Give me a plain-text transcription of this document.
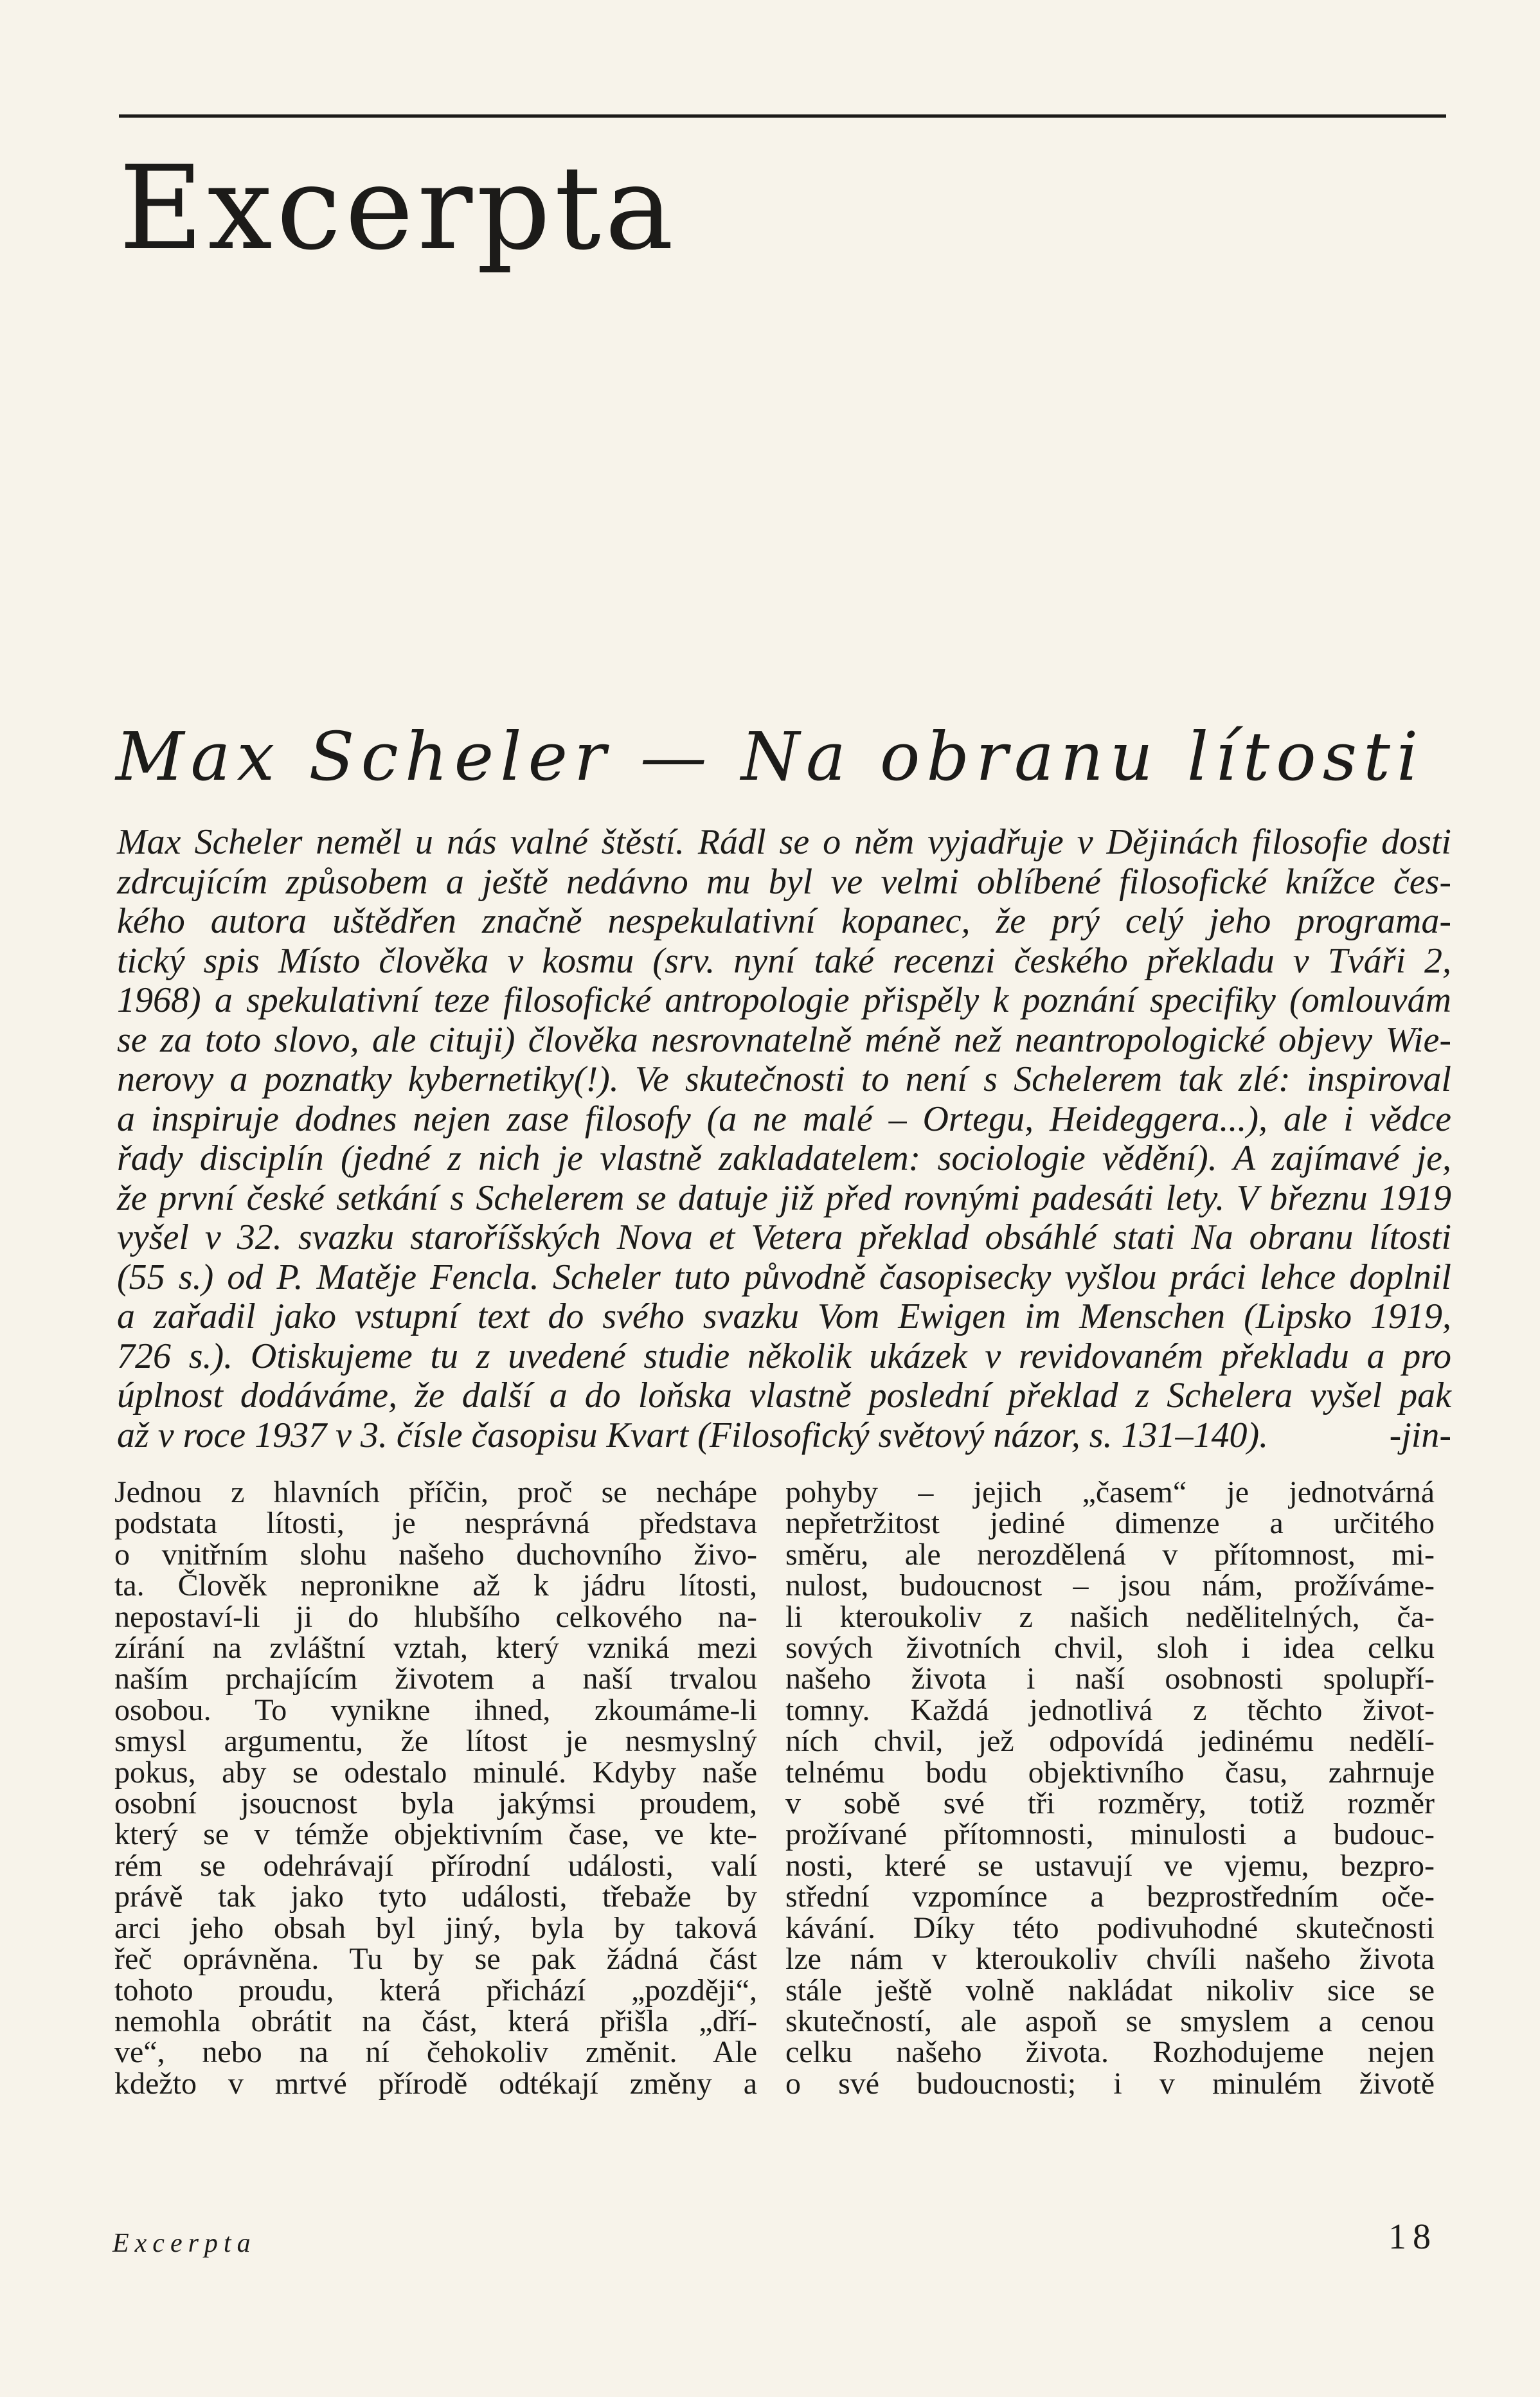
Excerpta
Max Scheler — Na obranu lítosti
Max Scheler neměl u nás valné štěstí. Rádl se o něm vyjadřuje v Dějinách filosofie dosti
zdrcujícím způsobem a ještě nedávno mu byl ve velmi oblíbené filosofické knížce čes-
kého autora uštědřen značně nespekulativní kopanec, že prý celý jeho programa-
tický spis Místo člověka v kosmu (srv. nyní také recenzi českého překladu v Tváři 2,
1968) a spekulativní teze filosofické antropologie přispěly k poznání specifiky (omlouvám
se za toto slovo, ale cituji) člověka nesrovnatelně méně než neantropologické objevy Wie-
nerovy a poznatky kybernetiky(!). Ve skutečnosti to není s Schelerem tak zlé: inspiroval
a inspiruje dodnes nejen zase filosofy (a ne malé – Ortegu, Heideggera...), ale i vědce
řady disciplín (jedné z nich je vlastně zakladatelem: sociologie vědění). A zajímavé je,
že první české setkání s Schelerem se datuje již před rovnými padesáti lety. V březnu 1919
vyšel v 32. svazku staroříšských Nova et Vetera překlad obsáhlé stati Na obranu lítosti
(55 s.) od P. Matěje Fencla. Scheler tuto původně časopisecky vyšlou práci lehce doplnil
a zařadil jako vstupní text do svého svazku Vom Ewigen im Menschen (Lipsko 1919,
726 s.). Otiskujeme tu z uvedené studie několik ukázek v revidovaném překladu a pro
úplnost dodáváme, že další a do loňska vlastně poslední překlad z Schelera vyšel pak
až v roce 1937 v 3. čísle časopisu Kvart (Filosofický světový názor, s. 131–140).	-jin-
Jednou z hlavních příčin, proč se nechápe
podstata lítosti, je nesprávná představa
o vnitřním slohu našeho duchovního živo-
ta. Člověk nepronikne až k jádru lítosti,
nepostaví-li ji do hlubšího celkového na-
zírání na zvláštní vztah, který vzniká mezi
naším prchajícím životem a naší trvalou
osobou. To vynikne ihned, zkoumáme-li
smysl argumentu, že lítost je nesmyslný
pokus, aby se odestalo minulé. Kdyby naše
osobní jsoucnost byla jakýmsi proudem,
který se v témže objektivním čase, ve kte-
rém se odehrávají přírodní události, valí
právě tak jako tyto události, třebaže by
arci jeho obsah byl jiný, byla by taková
řeč oprávněna. Tu by se pak žádná část
tohoto proudu, která přichází „později“,
nemohla obrátit na část, která přišla „dří-
ve“, nebo na ní čehokoliv změnit. Ale
kdežto v mrtvé přírodě odtékají změny a
pohyby – jejich „časem“ je jednotvárná
nepřetržitost jediné dimenze a určitého
směru, ale nerozdělená v přítomnost, mi-
nulost, budoucnost – jsou nám, prožíváme-
li kteroukoliv z našich nedělitelných, ča-
sových životních chvil, sloh i idea celku
našeho života i naší osobnosti spolupří-
tomny. Každá jednotlivá z těchto život-
ních chvil, jež odpovídá jedinému nedělí-
telnému bodu objektivního času, zahrnuje
v sobě své tři rozměry, totiž rozměr
prožívané přítomnosti, minulosti a budouc-
nosti, které se ustavují ve vjemu, bezpro-
střední vzpomínce a bezprostředním oče-
kávání. Díky této podivuhodné skutečnosti
lze nám v kteroukoliv chvíli našeho života
stále ještě volně nakládat nikoliv sice se
skutečností, ale aspoň se smyslem a cenou
celku našeho života. Rozhodujeme nejen
o své budoucnosti; i v minulém životě
Excerpta	18
